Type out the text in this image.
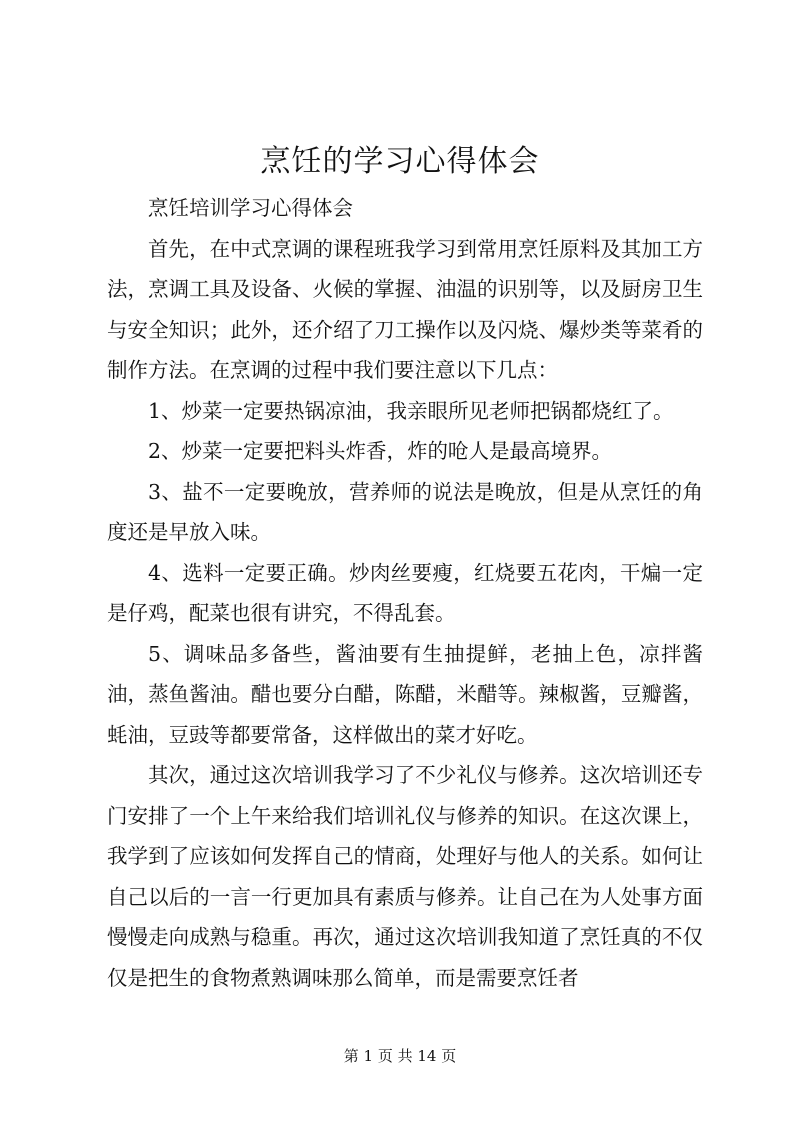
烹饪的学习心得体会

烹饪培训学习心得体会

首先，在中式烹调的课程班我学习到常用烹饪原料及其加工方法，烹调工具及设备、火候的掌握、油温的识别等，以及厨房卫生与安全知识；此外，还介绍了刀工操作以及闪烧、爆炒类等菜肴的制作方法。在烹调的过程中我们要注意以下几点：

1、炒菜一定要热锅凉油，我亲眼所见老师把锅都烧红了。

2、炒菜一定要把料头炸香，炸的呛人是最高境界。

3、盐不一定要晚放，营养师的说法是晚放，但是从烹饪的角度还是早放入味。

4、选料一定要正确。炒肉丝要瘦，红烧要五花肉，干煸一定是仔鸡，配菜也很有讲究，不得乱套。

5、调味品多备些，酱油要有生抽提鲜，老抽上色，凉拌酱油，蒸鱼酱油。醋也要分白醋，陈醋，米醋等。辣椒酱，豆瓣酱，蚝油，豆豉等都要常备，这样做出的菜才好吃。

其次，通过这次培训我学习了不少礼仪与修养。这次培训还专门安排了一个上午来给我们培训礼仪与修养的知识。在这次课上，我学到了应该如何发挥自己的情商，处理好与他人的关系。如何让自己以后的一言一行更加具有素质与修养。让自己在为人处事方面慢慢走向成熟与稳重。再次，通过这次培训我知道了烹饪真的不仅仅是把生的食物煮熟调味那么简单，而是需要烹饪者

第 1 页 共 14 页
